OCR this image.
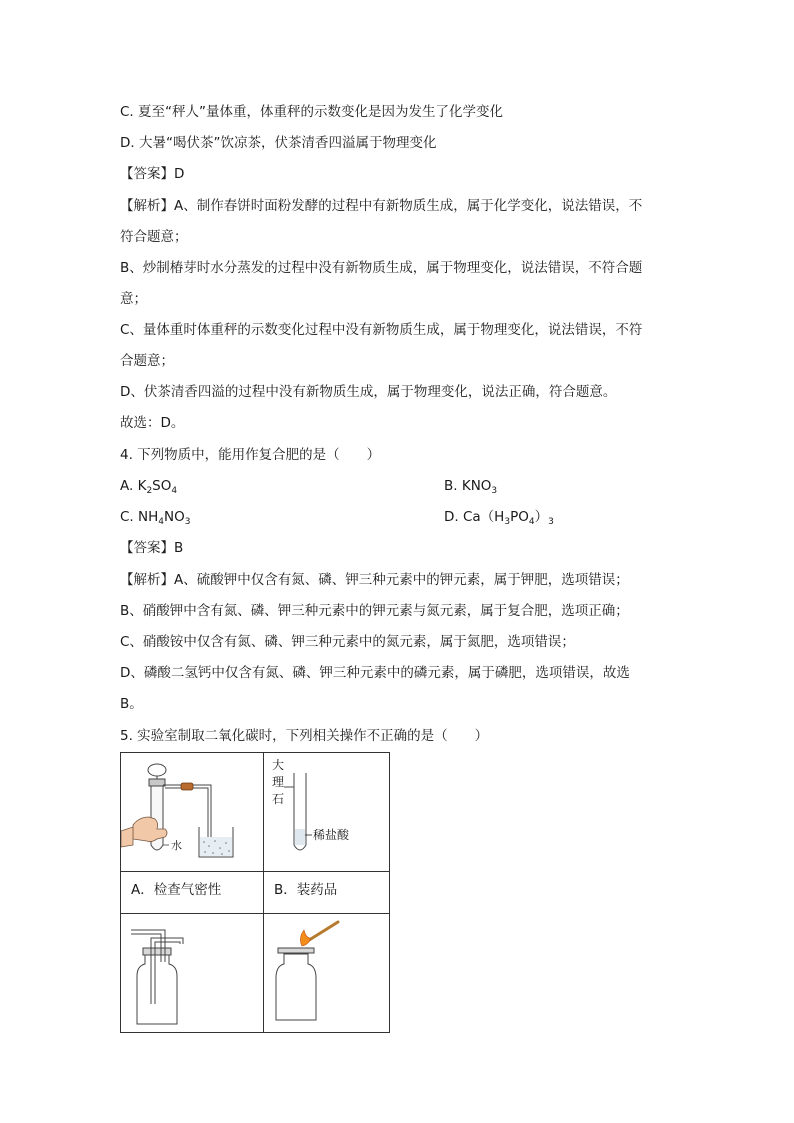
C. 夏至“秤人”量体重，体重秤的示数变化是因为发生了化学变化
D. 大暑“喝伏茶”饮凉茶，伏茶清香四溢属于物理变化
【答案】D
【解析】A、制作春饼时面粉发酵的过程中有新物质生成，属于化学变化，说法错误，不
符合题意；
B、炒制椿芽时水分蒸发的过程中没有新物质生成，属于物理变化，说法错误，不符合题
意；
C、量体重时体重秤的示数变化过程中没有新物质生成，属于物理变化，说法错误，不符
合题意；
D、伏茶清香四溢的过程中没有新物质生成，属于物理变化，说法正确，符合题意。
故选：D。
4. 下列物质中，能用作复合肥的是（　　）
A. $K_2SO_4$	B. $KNO_3$
C. $NH_4NO_3$	D. $Ca(H_3PO_4)_3$
【答案】B
【解析】A、硫酸钾中仅含有氮、磷、钾三种元素中的钾元素，属于钾肥，选项错误；
B、硝酸钾中含有氮、磷、钾三种元素中的钾元素与氮元素，属于复合肥，选项正确；
C、硝酸铵中仅含有氮、磷、钾三种元素中的氮元素，属于氮肥，选项错误；
D、磷酸二氢钙中仅含有氮、磷、钾三种元素中的磷元素，属于磷肥，选项错误，故选
B。
5. 实验室制取二氧化碳时，下列相关操作不正确的是（　　）
水	大
理
石
稀盐酸

A．检查气密性	B．装药品
